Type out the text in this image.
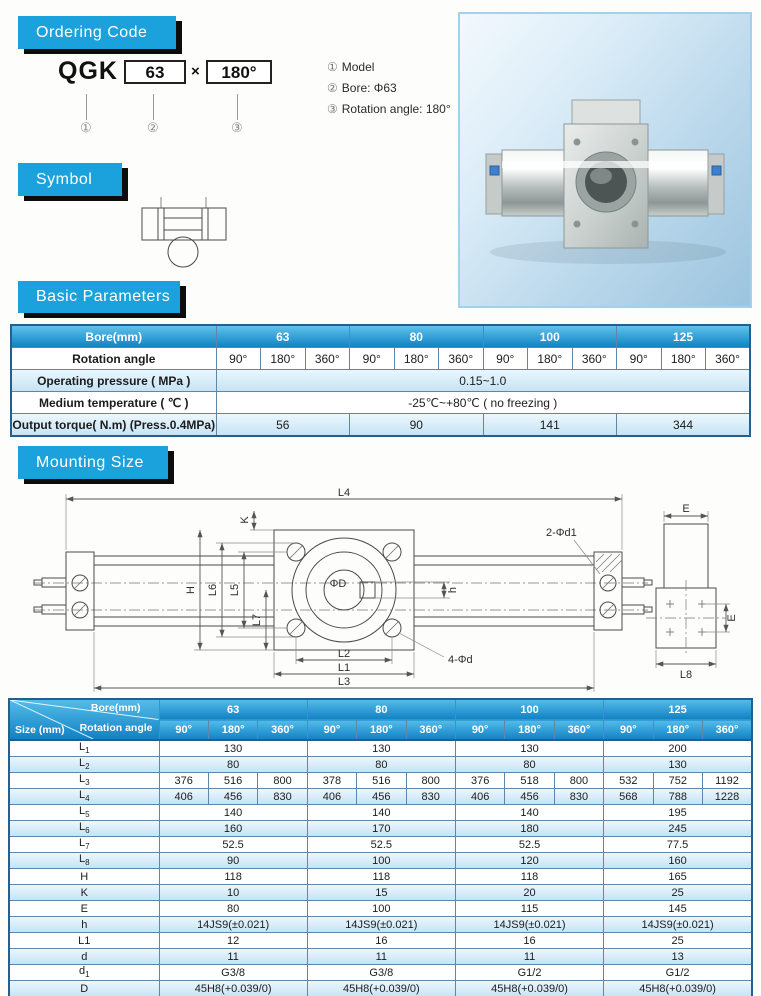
Ordering Code
QGK	63	×	180°
①	②	③
① Model
② Bore: Φ63
③ Rotation angle: 180°
Symbol
Basic Parameters
Bore(mm)	63			80			100			125		
Rotation angle	90°	180°	360°	90°	180°	360°	90°	180°	360°	90°	180°	360°
Operating pressure ( MPa )	0.15~1.0											
Medium temperature ( ℃ )	-25℃~+80℃ ( no freezing )											
Output torque( N.m) (Press.0.4MPa)	56			90			141			344		
Mounting Size
ΦD
L4
K
H L6 L5
L7
h
2-Φd1
4-Φd
L2
L1
L3
E
E
L8
Bore(mm)
Rotation angle
Size (mm)	63			80			100			125		
	90°	180°	360°	90°	180°	360°	90°	180°	360°	90°	180°	360°
$L_1$	130			130			130			200		
$L_2$	80			80			80			130		
$L_3$	376	516	800	378	516	800	376	518	800	532	752	1192
$L_4$	406	456	830	406	456	830	406	456	830	568	788	1228
$L_5$	140			140			140			195		
$L_6$	160			170			180			245		
$L_7$	52.5			52.5			52.5			77.5		
$L_8$	90			100			120			160		
H	118			118			118			165		
K	10			15			20			25		
E	80			100			115			145		
h	14JS9(±0.021)			14JS9(±0.021)			14JS9(±0.021)			14JS9(±0.021)		
L1	12			16			16			25		
d	11			11			11			13		
$d_1$	G3/8			G3/8			G1/2			G1/2		
D	45H8(+0.039/0)			45H8(+0.039/0)			45H8(+0.039/0)			45H8(+0.039/0)		
